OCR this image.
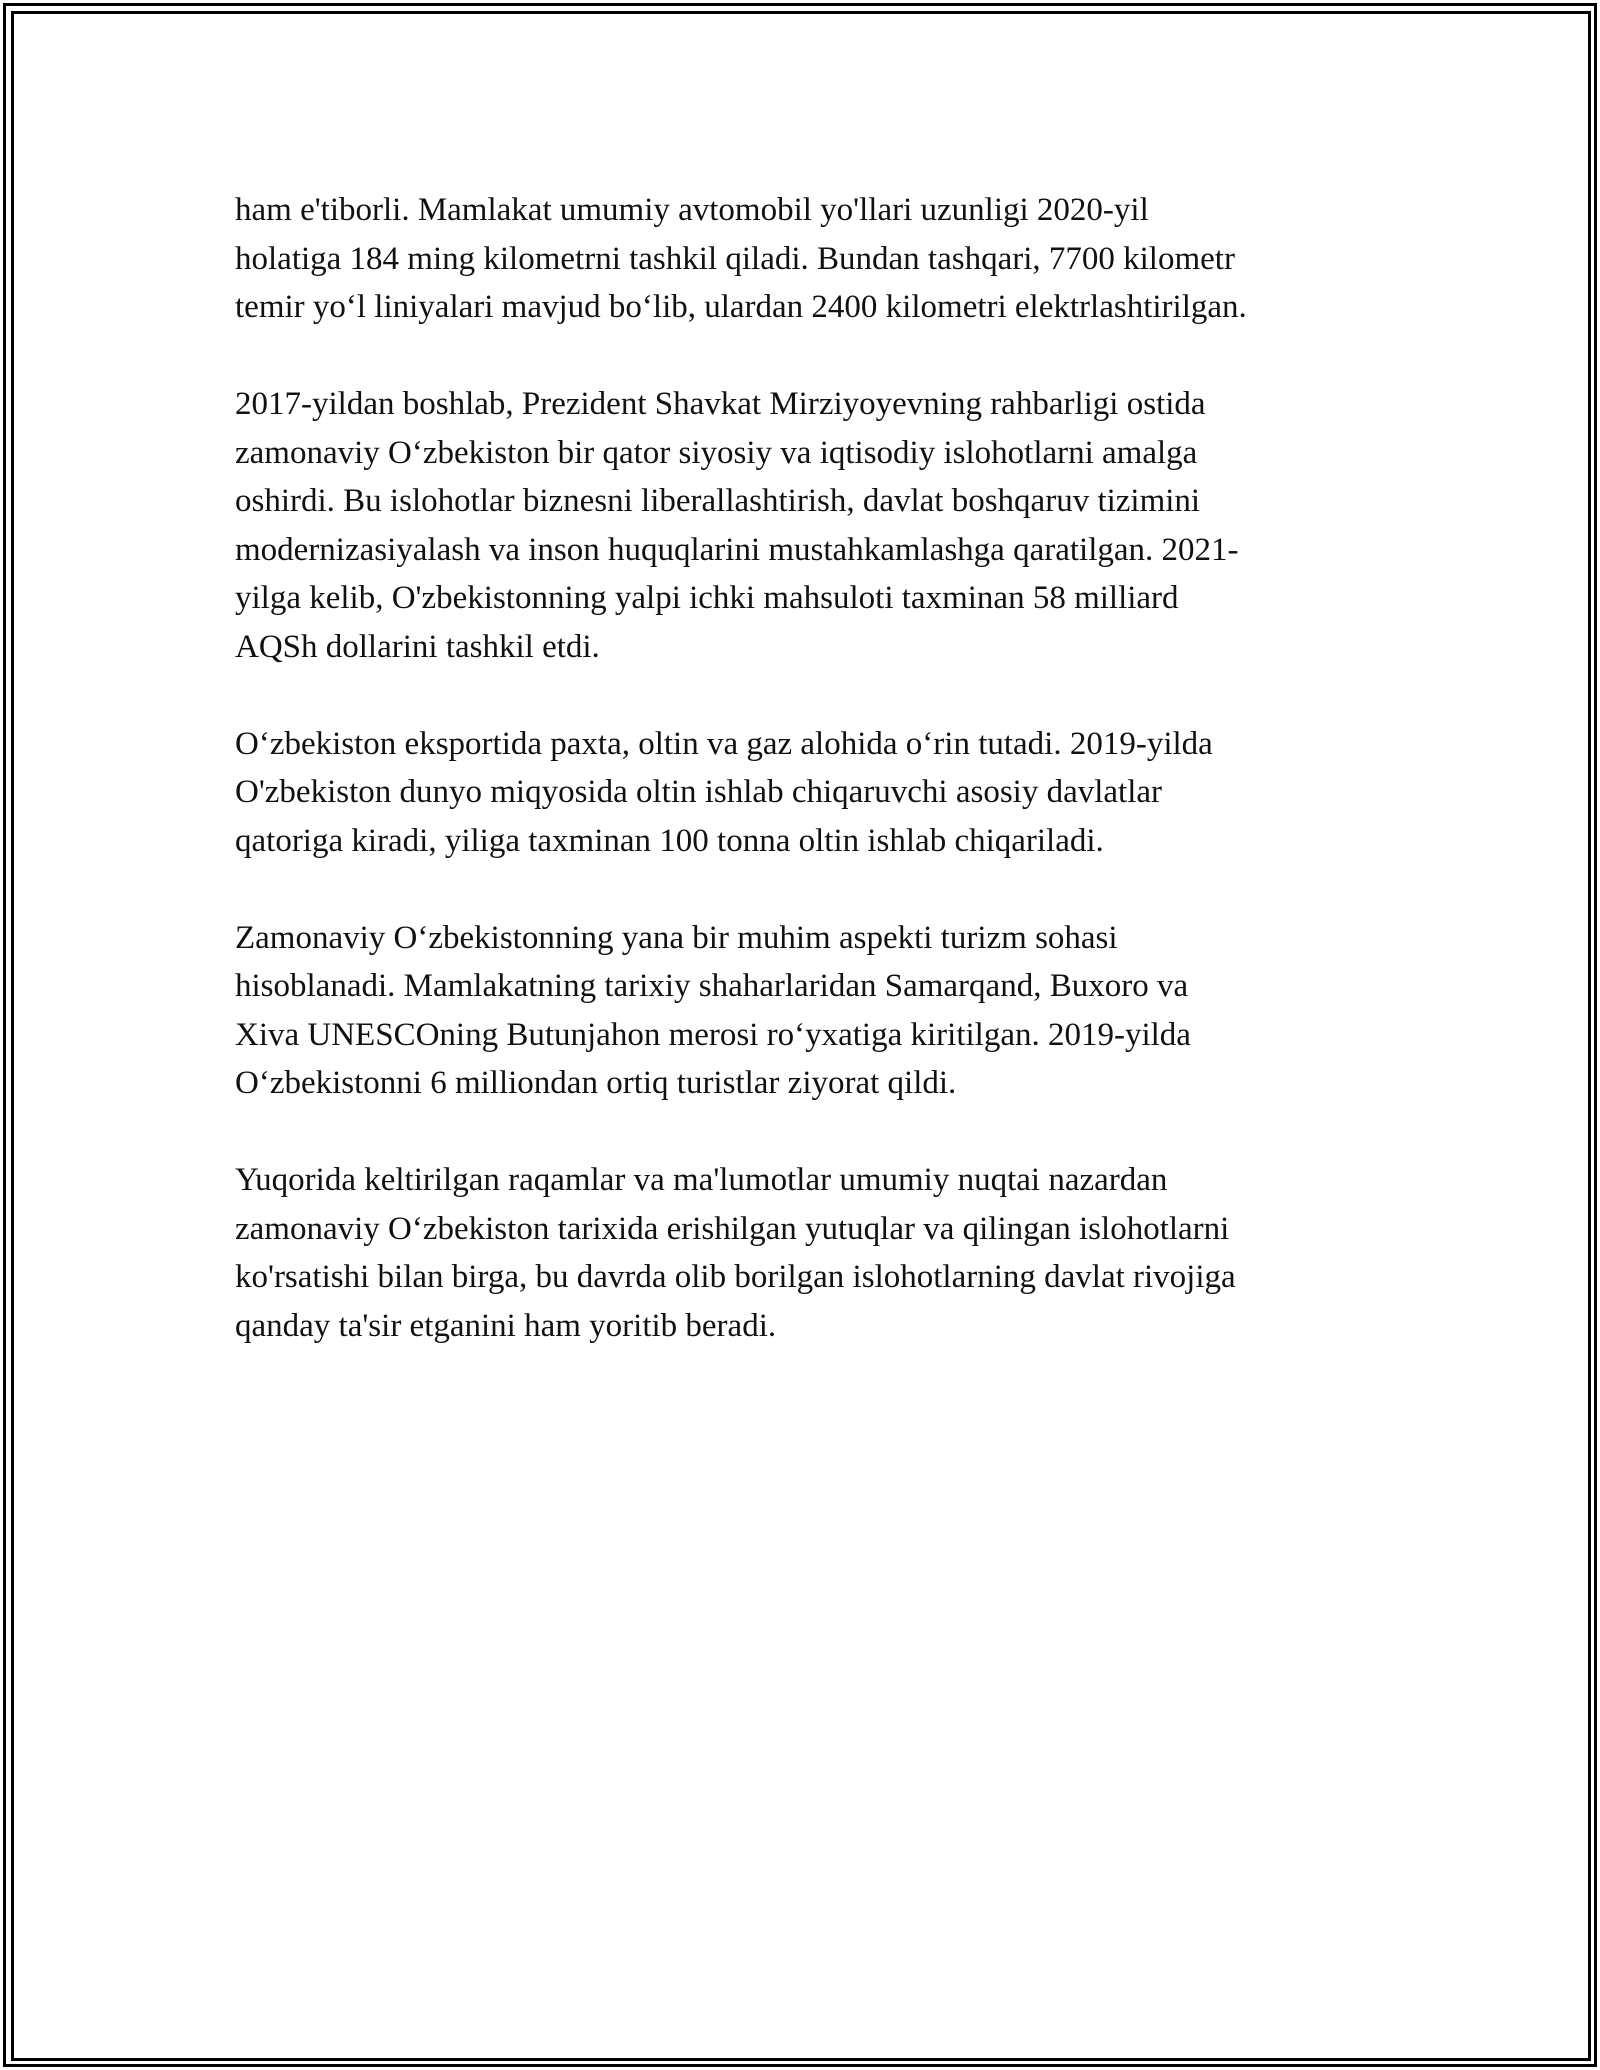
ham e'tiborli. Mamlakat umumiy avtomobil yo'llari uzunligi 2020-yil
holatiga 184 ming kilometrni tashkil qiladi. Bundan tashqari, 7700 kilometr
temir yo‘l liniyalari mavjud bo‘lib, ulardan 2400 kilometri elektrlashtirilgan.

2017-yildan boshlab, Prezident Shavkat Mirziyoyevning rahbarligi ostida
zamonaviy O‘zbekiston bir qator siyosiy va iqtisodiy islohotlarni amalga
oshirdi. Bu islohotlar biznesni liberallashtirish, davlat boshqaruv tizimini
modernizasiyalash va inson huquqlarini mustahkamlashga qaratilgan. 2021-
yilga kelib, O'zbekistonning yalpi ichki mahsuloti taxminan 58 milliard
AQSh dollarini tashkil etdi.

O‘zbekiston eksportida paxta, oltin va gaz alohida o‘rin tutadi. 2019-yilda
O'zbekiston dunyo miqyosida oltin ishlab chiqaruvchi asosiy davlatlar
qatoriga kiradi, yiliga taxminan 100 tonna oltin ishlab chiqariladi.

Zamonaviy O‘zbekistonning yana bir muhim aspekti turizm sohasi
hisoblanadi. Mamlakatning tarixiy shaharlaridan Samarqand, Buxoro va
Xiva UNESCOning Butunjahon merosi ro‘yxatiga kiritilgan. 2019-yilda
O‘zbekistonni 6 milliondan ortiq turistlar ziyorat qildi.

Yuqorida keltirilgan raqamlar va ma'lumotlar umumiy nuqtai nazardan
zamonaviy O‘zbekiston tarixida erishilgan yutuqlar va qilingan islohotlarni
ko'rsatishi bilan birga, bu davrda olib borilgan islohotlarning davlat rivojiga
qanday ta'sir etganini ham yoritib beradi.
